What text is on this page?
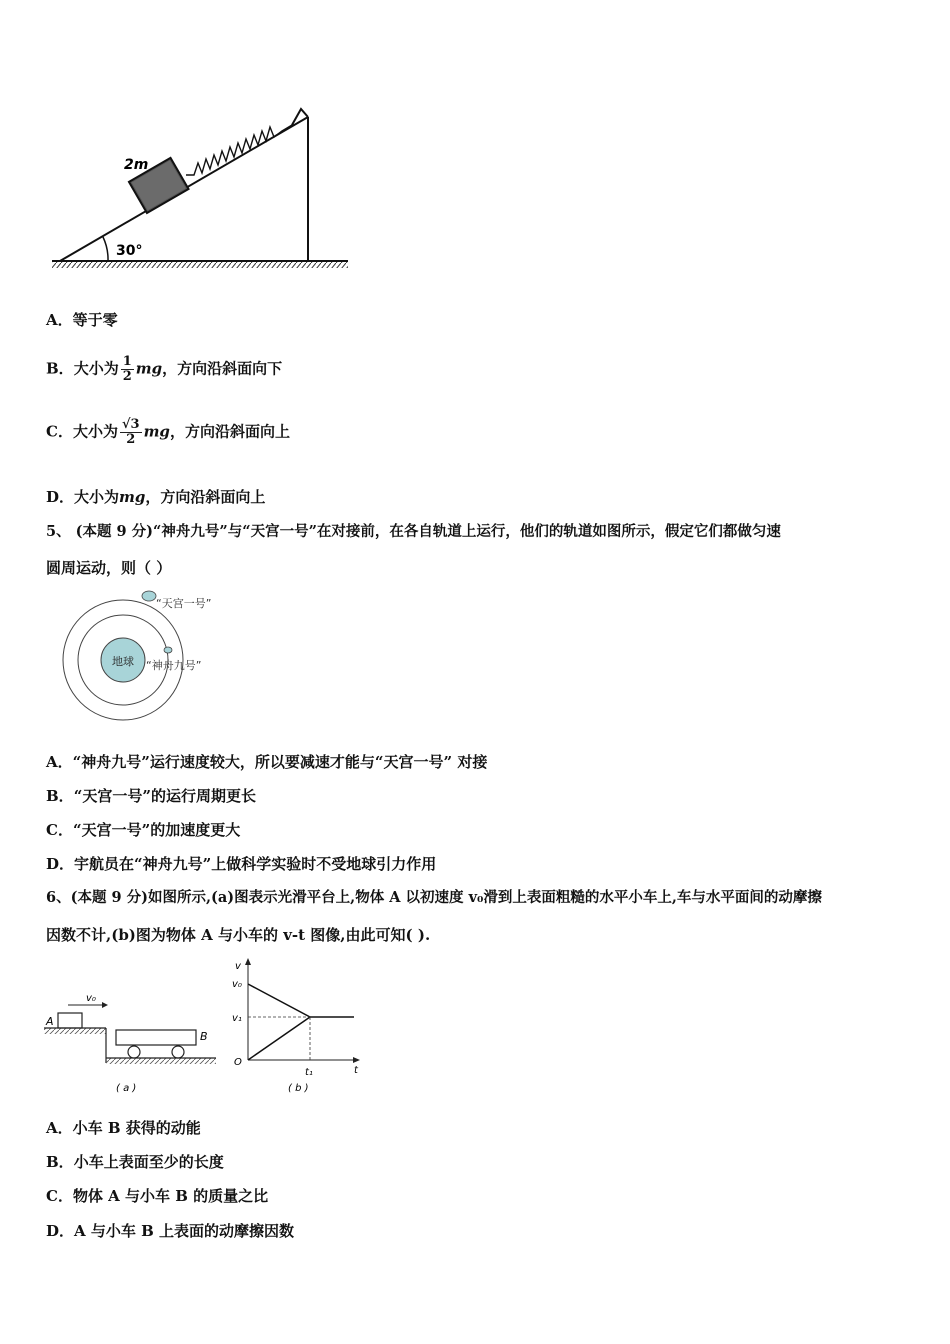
30°
2m
A．等于零
B．大小为 $\frac{1}{2}$ mg，方向沿斜面向下
C．大小为 $\frac{√3}{2}$ mg，方向沿斜面向上
D．大小为mg，方向沿斜面向上
5、 (本题 9 分)“神舟九号”与“天宫一号”在对接前，在各自轨道上运行，他们的轨道如图所示，假定它们都做匀速
圆周运动，则（ ）
地球
“天宫一号”
“神舟九号”
A．“神舟九号”运行速度较大，所以要减速才能与“天宫一号” 对接
B．“天宫一号”的运行周期更长
C．“天宫一号”的加速度更大
D．宇航员在“神舟九号”上做科学实验时不受地球引力作用
6、(本题 9 分)如图所示,(a)图表示光滑平台上,物体 A 以初速度 v₀滑到上表面粗糙的水平小车上,车与水平面间的动摩擦
因数不计,(b)图为物体 A 与小车的 v-t 图像,由此可知( ).
v₀
A
B
( a )
v
v₀
v₁
O
t₁	t
( b )
A．小车 B 获得的动能
B．小车上表面至少的长度
C．物体 A 与小车 B 的质量之比
D．A 与小车 B 上表面的动摩擦因数
